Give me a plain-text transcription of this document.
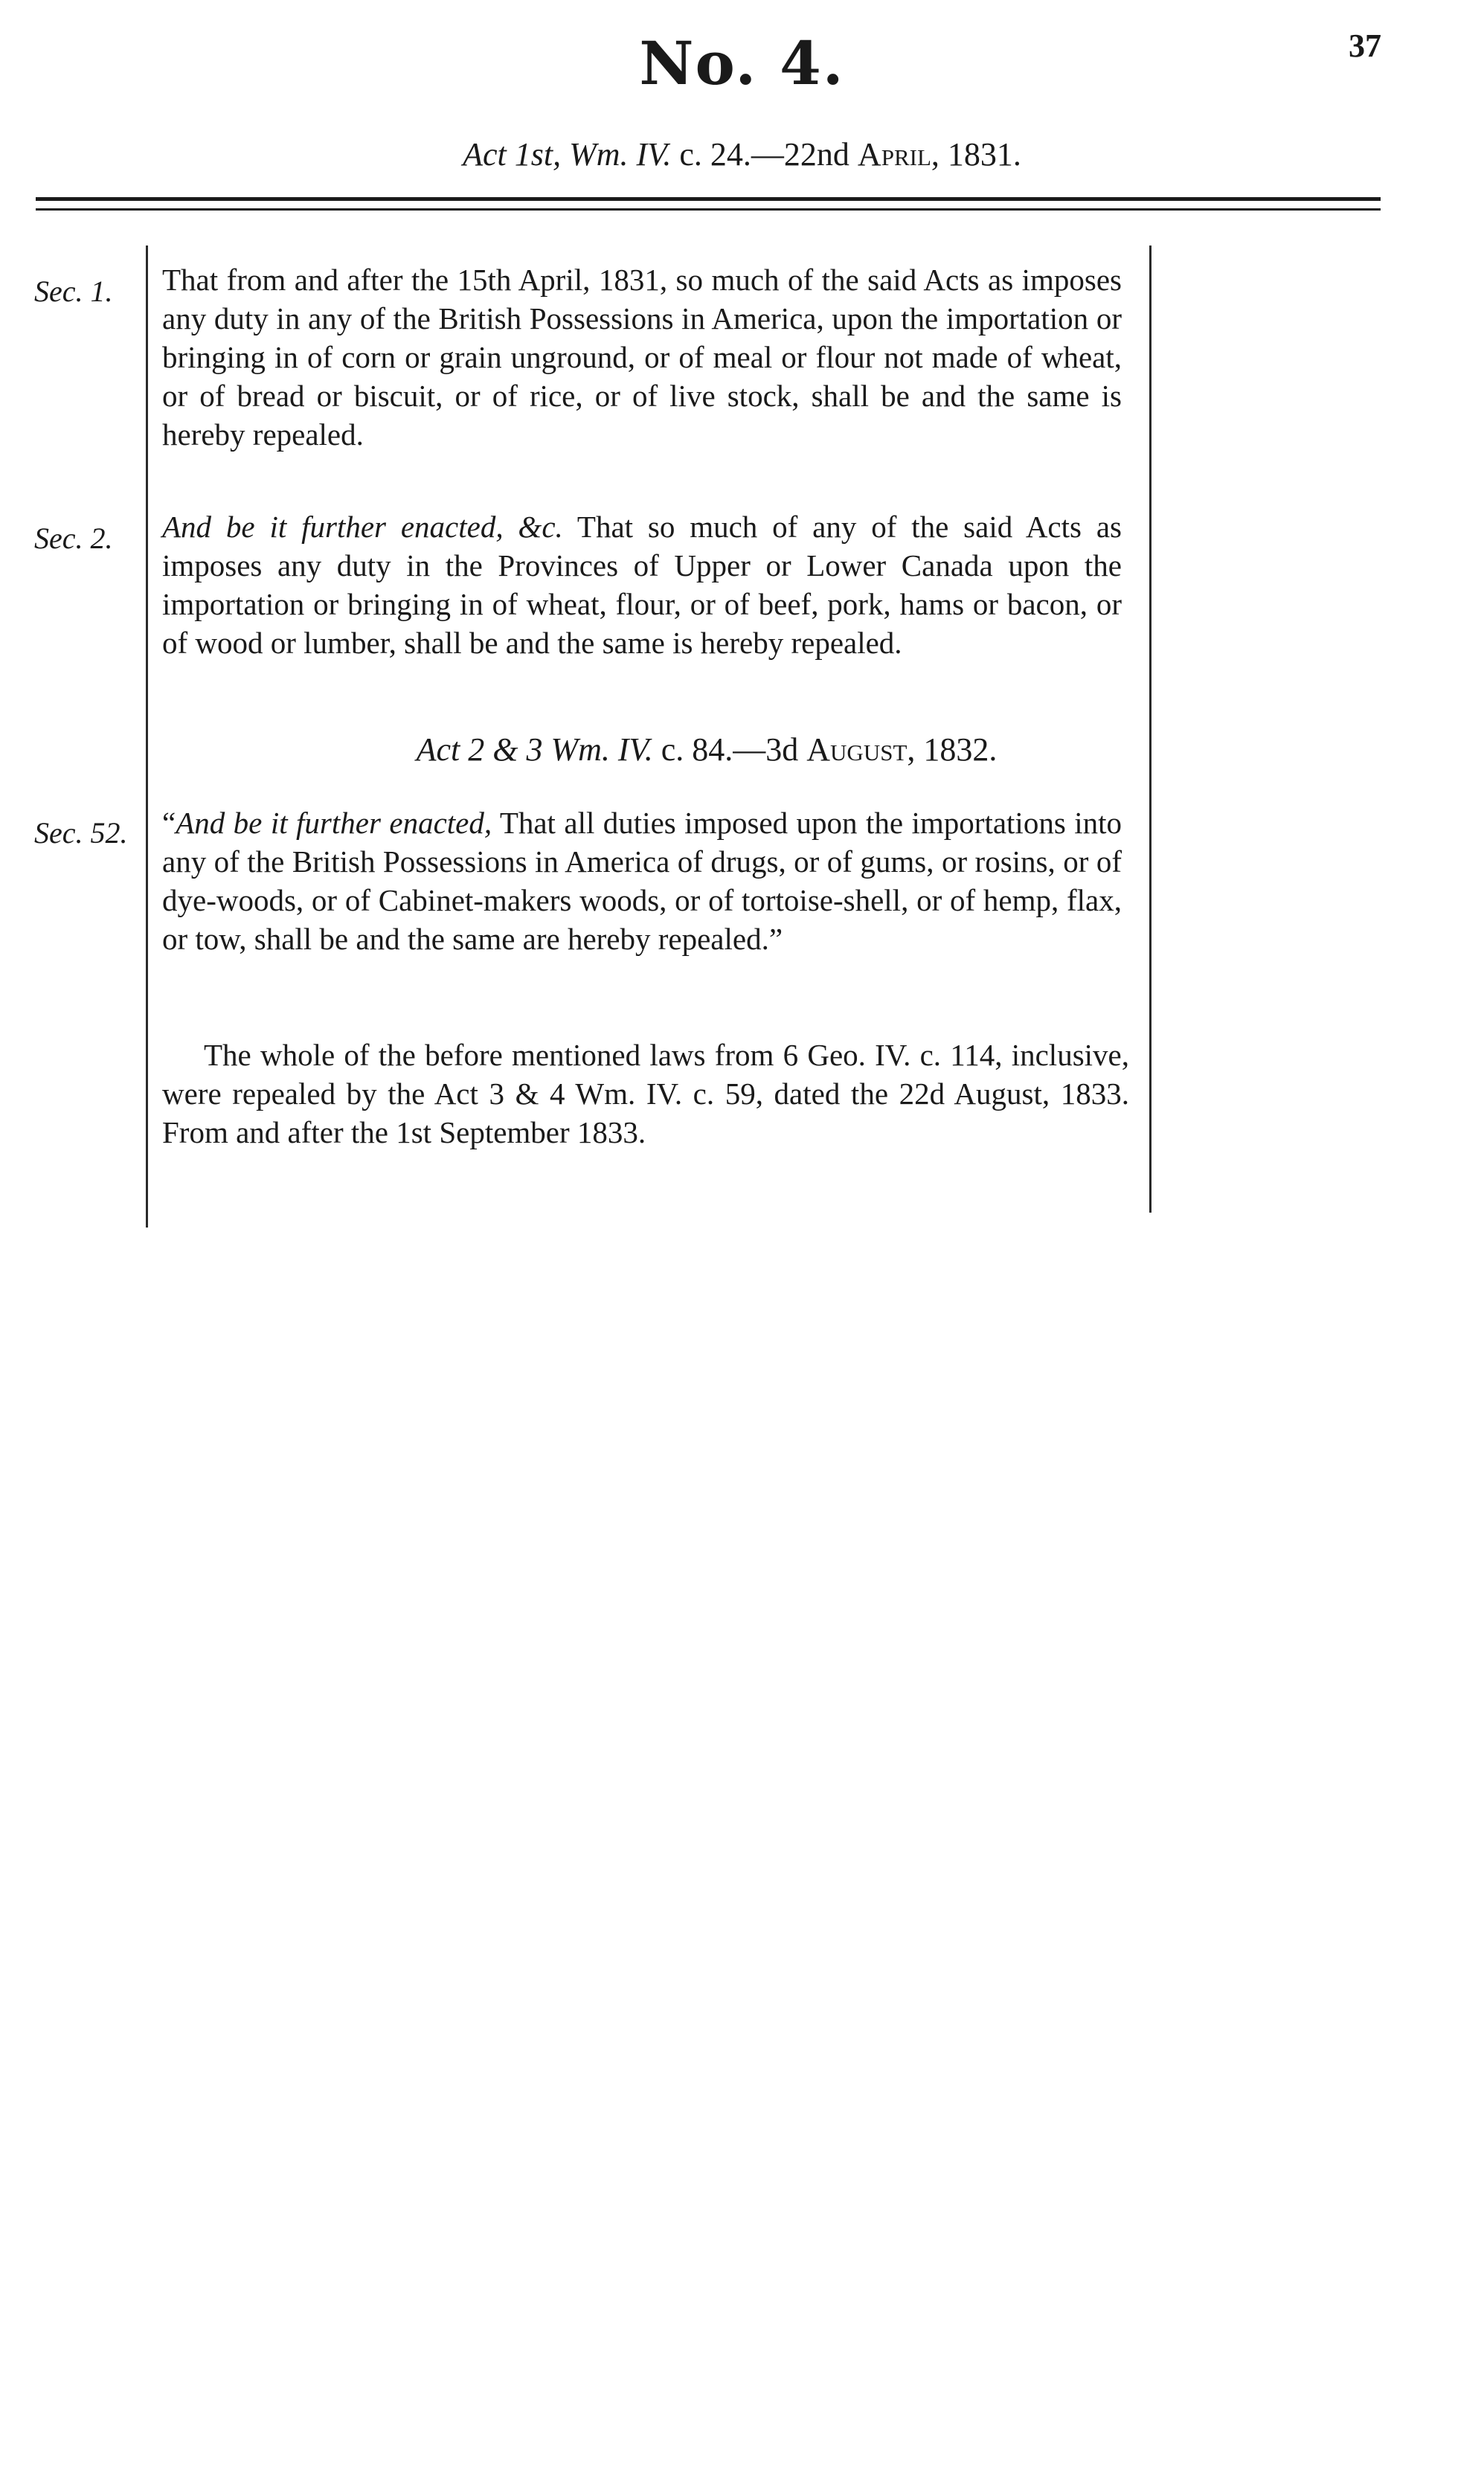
37
No. 4.
Act 1st, Wm. IV. c. 24.—22nd April, 1831.
Sec. 1. That from and after the 15th April, 1831, so much of the said Acts as imposes any duty in any of the British Possessions in America, upon the importation or bringing in of corn or grain unground, or of meal or flour not made of wheat, or of bread or biscuit, or of rice, or of live stock, shall be and the same is hereby repealed.
Sec. 2. And be it further enacted, &c. That so much of any of the said Acts as imposes any duty in the Provinces of Upper or Lower Canada upon the importation or bringing in of wheat, flour, or of beef, pork, hams or bacon, or of wood or lumber, shall be and the same is hereby repealed.
Act 2 & 3 Wm. IV. c. 84.—3d August, 1832.
Sec. 52. “And be it further enacted, That all duties imposed upon the importations into any of the British Possessions in America of drugs, or of gums, or rosins, or of dye-woods, or of Cabinet-makers woods, or of tortoise-shell, or of hemp, flax, or tow, shall be and the same are hereby repealed.”
The whole of the before mentioned laws from 6 Geo. IV. c. 114, inclusive, were repealed by the Act 3 & 4 Wm. IV. c. 59, dated the 22d August, 1833. From and after the 1st September 1833.
